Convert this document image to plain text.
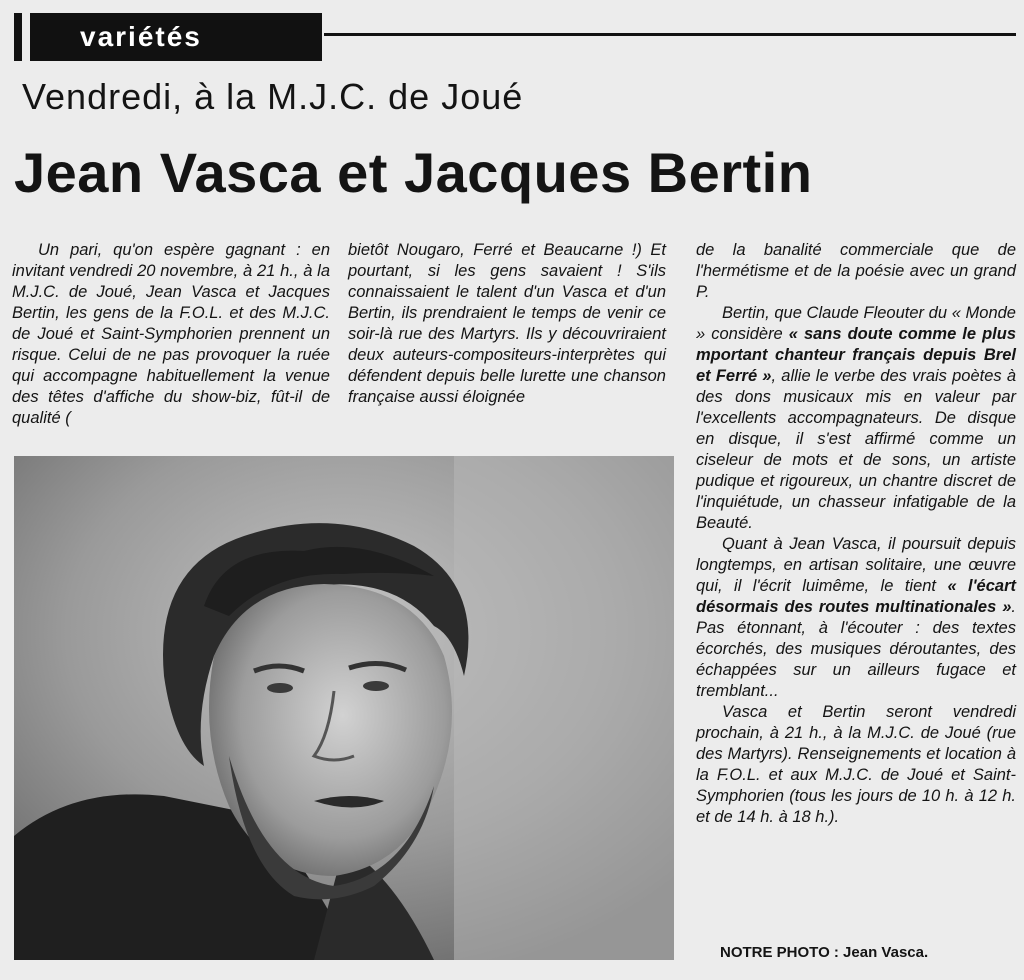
variétés
Vendredi, à la M.J.C. de Joué
Jean Vasca et Jacques Bertin

Un pari, qu'on espère gagnant : en invitant vendredi 20 novembre, à 21 h., à la M.J.C. de Joué, Jean Vasca et Jacques Bertin, les gens de la F.O.L. et des M.J.C. de Joué et Saint-Symphorien prennent un risque. Celui de ne pas provoquer la ruée qui accompagne habituellement la venue des têtes d'affiche du show-biz, fût-il de qualité (

bietôt Nougaro, Ferré et Beaucarne !) Et pourtant, si les gens savaient ! S'ils connaissaient le talent d'un Vasca et d'un Bertin, ils prendraient le temps de venir ce soir-là rue des Martyrs. Ils y découvriraient deux auteurs-compositeurs-interprètes qui défendent depuis belle lurette une chanson française aussi éloignée

de la banalité commerciale que de l'hermétisme et de la poésie avec un grand P.

Bertin, que Claude Fleouter du « Monde » considère « sans doute comme le plus mportant chanteur français depuis Brel et Ferré », allie le verbe des vrais poètes à des dons musicaux mis en valeur par l'excellents accompagnateurs. De disque en disque, il s'est affirmé comme un ciseleur de mots et de sons, un artiste pudique et rigoureux, un chantre discret de l'inquiétude, un chasseur infatigable de la Beauté.

Quant à Jean Vasca, il poursuit depuis longtemps, en artisan solitaire, une œuvre qui, il l'écrit luimême, le tient « l'écart désormais des routes multinationales ». Pas étonnant, à l'écouter : des textes écorchés, des musiques déroutantes, des échappées sur un ailleurs fugace et tremblant...

Vasca et Bertin seront vendredi prochain, à 21 h., à la M.J.C. de Joué (rue des Martyrs). Renseignements et location à la F.O.L. et aux M.J.C. de Joué et Saint-Symphorien (tous les jours de 10 h. à 12 h. et de 14 h. à 18 h.).

NOTRE PHOTO : Jean Vasca.
